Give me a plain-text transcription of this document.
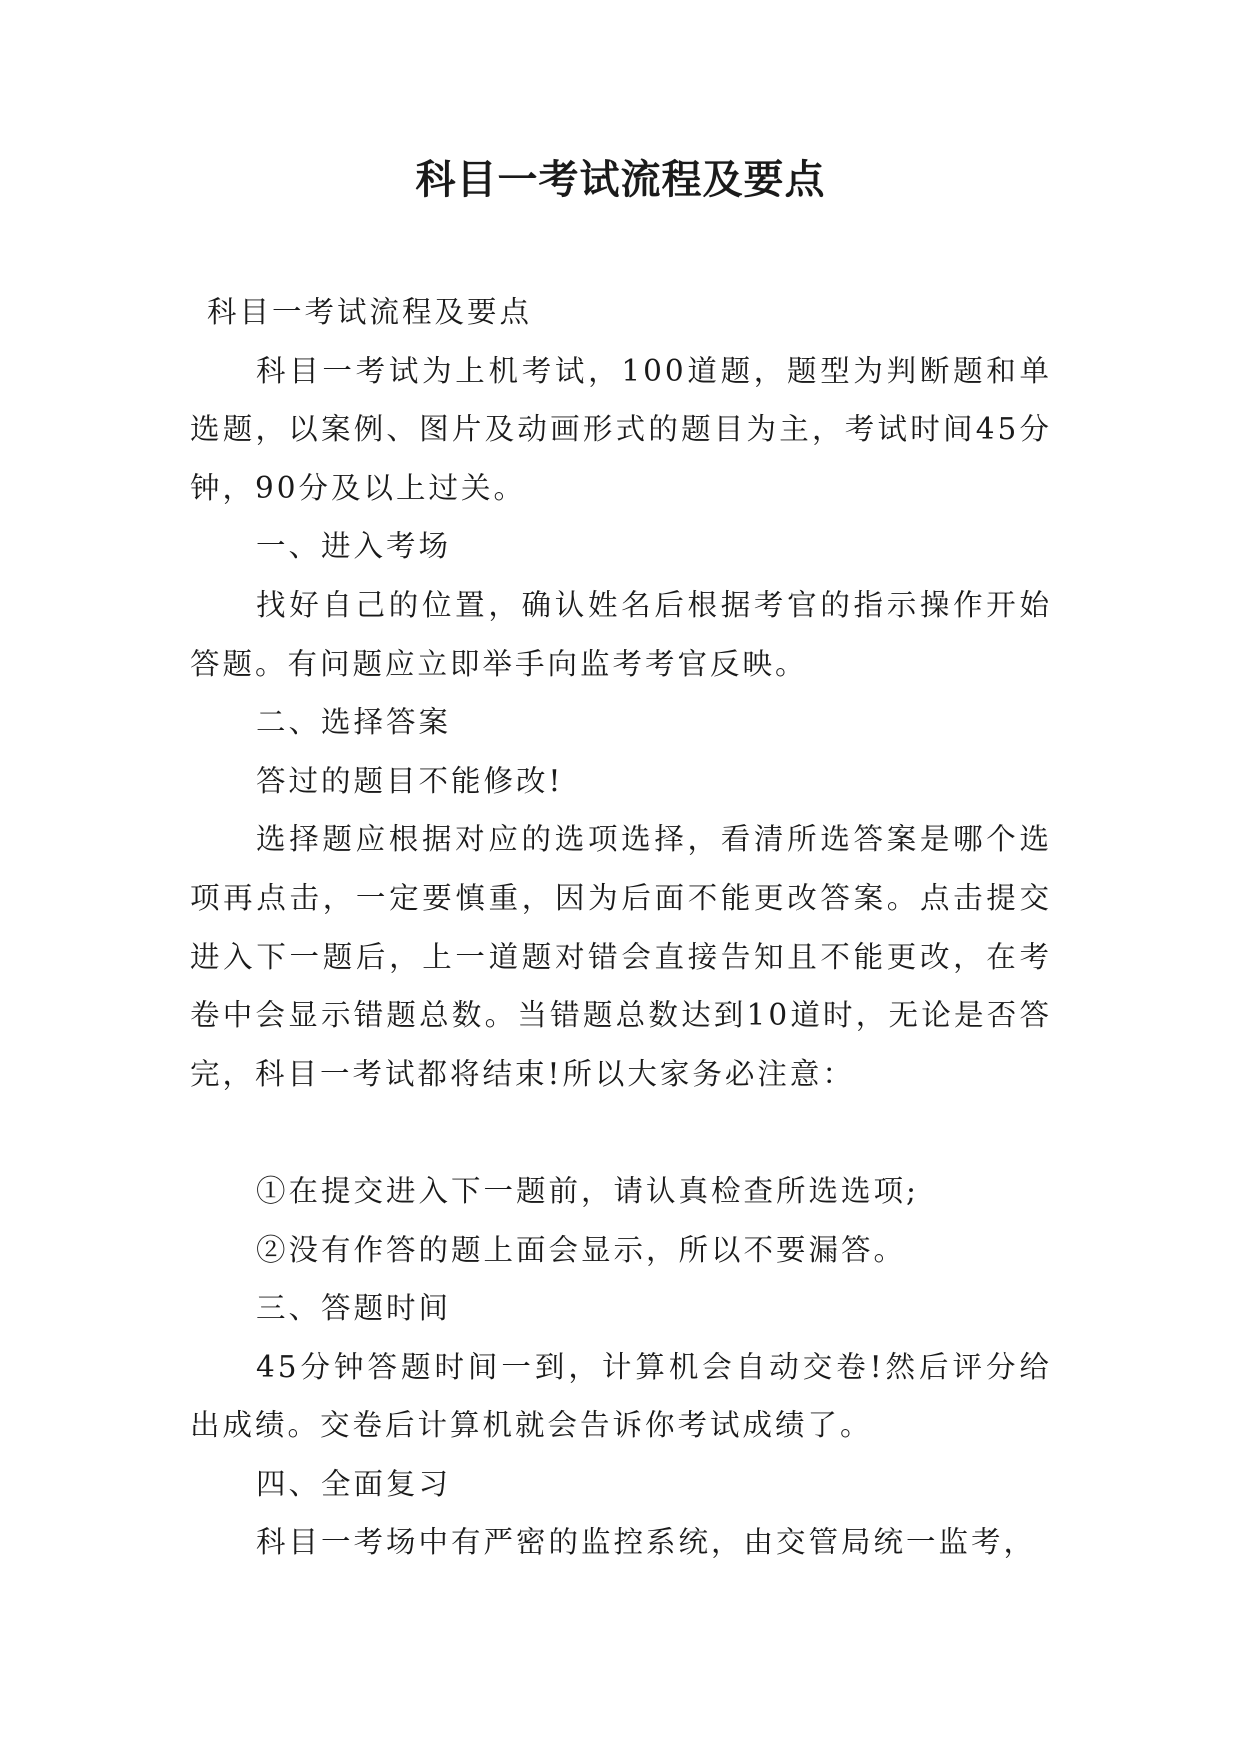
科目一考试流程及要点

科目一考试流程及要点

科目一考试为上机考试，100道题，题型为判断题和单选题，以案例、图片及动画形式的题目为主，考试时间45分钟，90分及以上过关。

一、进入考场

找好自己的位置，确认姓名后根据考官的指示操作开始答题。有问题应立即举手向监考考官反映。

二、选择答案

答过的题目不能修改!

选择题应根据对应的选项选择，看清所选答案是哪个选项再点击，一定要慎重，因为后面不能更改答案。点击提交进入下一题后，上一道题对错会直接告知且不能更改，在考卷中会显示错题总数。当错题总数达到10道时，无论是否答完，科目一考试都将结束!所以大家务必注意：

①在提交进入下一题前，请认真检查所选选项;

②没有作答的题上面会显示，所以不要漏答。

三、答题时间

45分钟答题时间一到，计算机会自动交卷!然后评分给出成绩。交卷后计算机就会告诉你考试成绩了。

四、全面复习

科目一考场中有严密的监控系统，由交管局统一监考，
